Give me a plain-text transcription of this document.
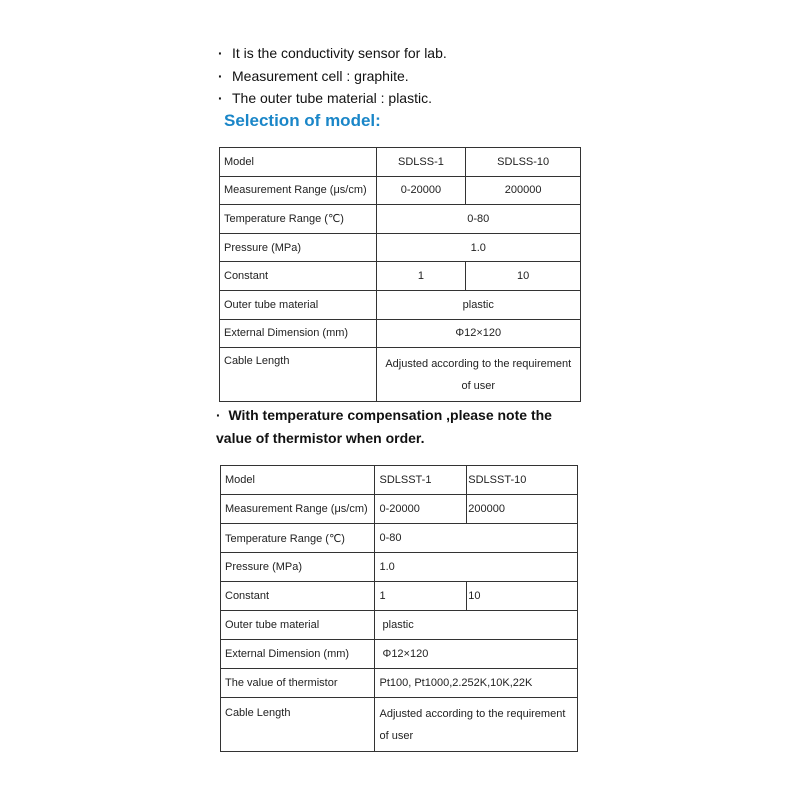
· It is the conductivity sensor for lab.
· Measurement cell : graphite.
· The outer tube material : plastic.
Selection of model:
Model	SDLSS-1	SDLSS-10
Measurement Range (μs/cm)	0-20000	200000
Temperature Range (℃)	0-80	
Pressure (MPa)	1.0	
Constant	1	10
Outer tube material	plastic	
External Dimension (mm)	Φ12×120	
Cable Length	Adjusted according to the requirement of user	
· With temperature compensation ,please note the value of thermistor when order.
Model	SDLSST-1	SDLSST-10
Measurement Range (μs/cm)	0-20000	200000
Temperature Range (℃)	0-80	
Pressure (MPa)	1.0	
Constant	1	10
Outer tube material	plastic	
External Dimension (mm)	Φ12×120	
The value of thermistor	Pt100, Pt1000,2.252K,10K,22K	
Cable Length	Adjusted according to the requirement of user	
